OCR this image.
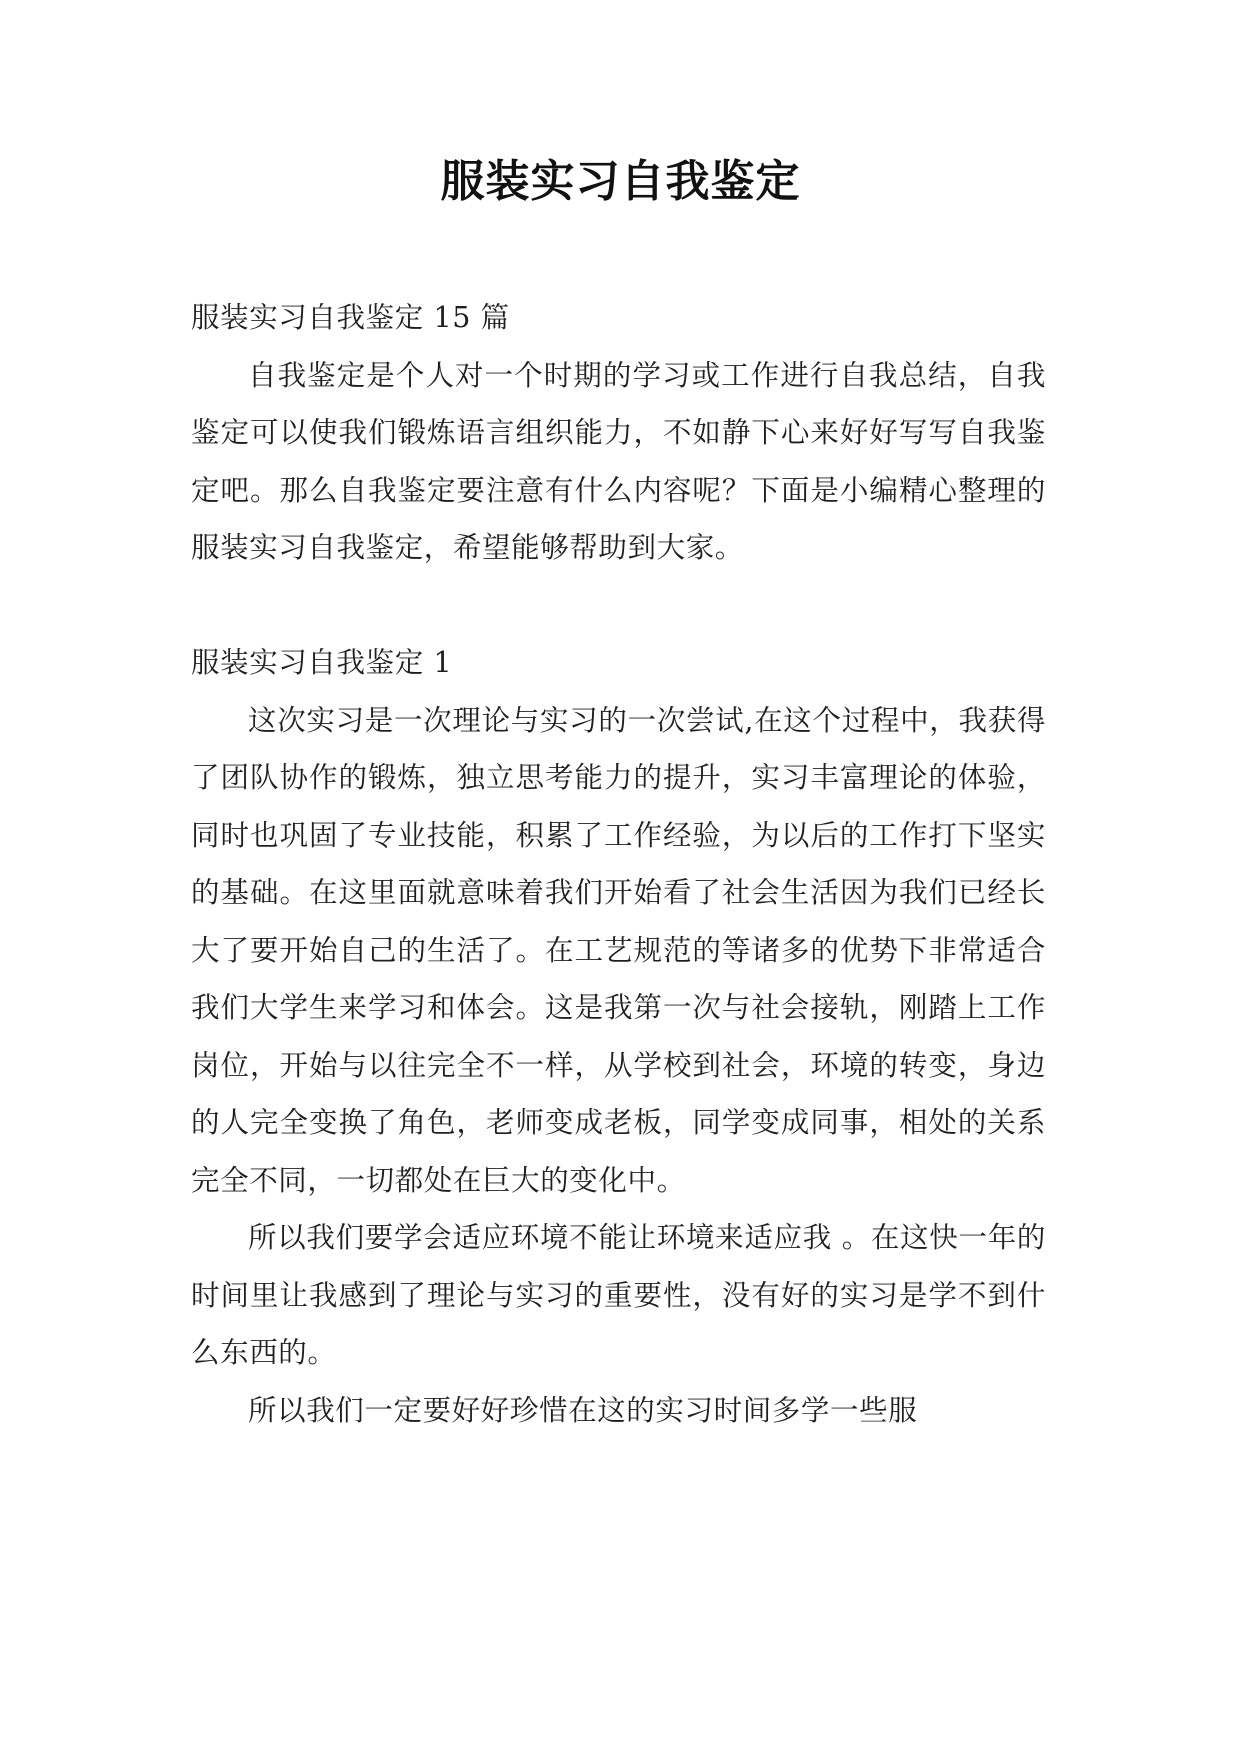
服装实习自我鉴定

服装实习自我鉴定 15 篇

自我鉴定是个人对一个时期的学习或工作进行自我总结，自我鉴定可以使我们锻炼语言组织能力，不如静下心来好好写写自我鉴定吧。那么自我鉴定要注意有什么内容呢？下面是小编精心整理的服装实习自我鉴定，希望能够帮助到大家。

服装实习自我鉴定 1

这次实习是一次理论与实习的一次尝试,在这个过程中，我获得了团队协作的锻炼，独立思考能力的提升，实习丰富理论的体验，同时也巩固了专业技能，积累了工作经验，为以后的工作打下坚实的基础。在这里面就意味着我们开始看了社会生活因为我们已经长大了要开始自己的生活了。在工艺规范的等诸多的优势下非常适合我们大学生来学习和体会。这是我第一次与社会接轨，刚踏上工作岗位，开始与以往完全不一样，从学校到社会，环境的转变，身边的人完全变换了角色，老师变成老板，同学变成同事，相处的关系完全不同，一切都处在巨大的变化中。

所以我们要学会适应环境不能让环境来适应我 。在这快一年的时间里让我感到了理论与实习的重要性，没有好的实习是学不到什么东西的。

所以我们一定要好好珍惜在这的实习时间多学一些服
